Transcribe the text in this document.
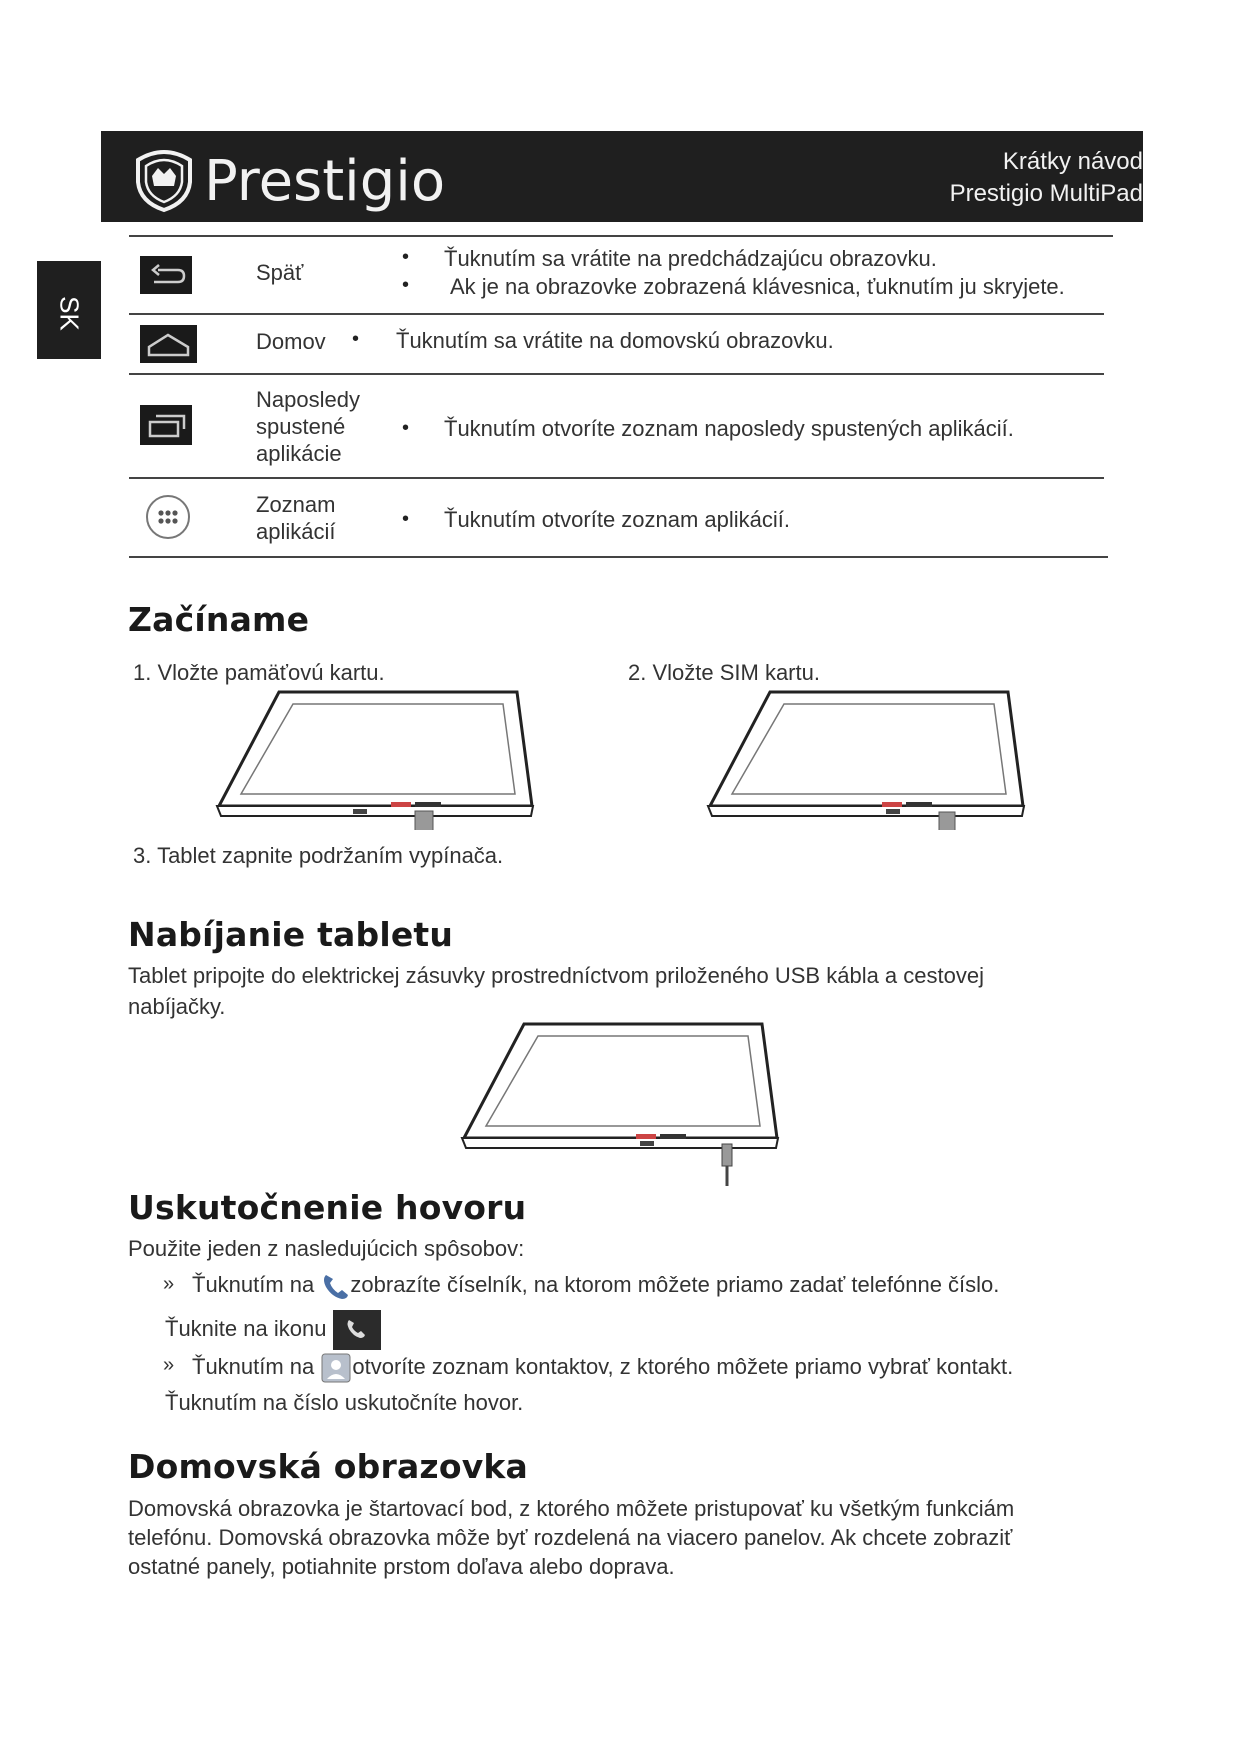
Prestigio	Krátky návod
Prestigio MultiPad
SK
Späť
• Ťuknutím sa vrátite na predchádzajúcu obrazovku.
• Ak je na obrazovke zobrazená klávesnica, ťuknutím ju skryjete.
Domov • Ťuknutím sa vrátite na domovskú obrazovku.
Naposledy
spustené
aplikácie
• Ťuknutím otvoríte zoznam naposledy spustených aplikácií.
Zoznam
aplikácií	• Ťuknutím otvoríte zoznam aplikácií.
Začíname
1. Vložte pamäťovú kartu.	2. Vložte SIM kartu.
3. Tablet zapnite podržaním vypínača.
Nabíjanie tabletu
Tablet pripojte do elektrickej zásuvky prostredníctvom priloženého USB kábla a cestovej
nabíjačky.
Uskutočnenie hovoru
Použite jeden z nasledujúcich spôsobov:
» Ťuknutím na zobrazíte číselník, na ktorom môžete priamo zadať telefónne číslo.
Ťuknite na ikonu
» Ťuknutím na otvoríte zoznam kontaktov, z ktorého môžete priamo vybrať kontakt.
Ťuknutím na číslo uskutočníte hovor.
Domovská obrazovka
Domovská obrazovka je štartovací bod, z ktorého môžete pristupovať ku všetkým funkciám
telefónu. Domovská obrazovka môže byť rozdelená na viacero panelov. Ak chcete zobraziť
ostatné panely, potiahnite prstom doľava alebo doprava.
